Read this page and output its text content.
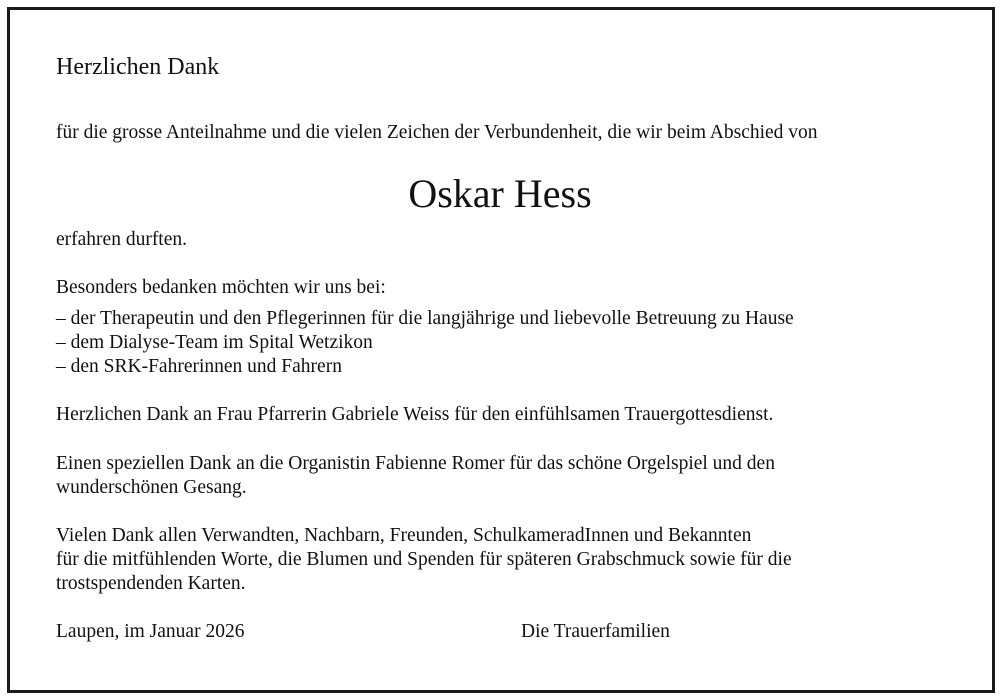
Herzlichen Dank

für die grosse Anteilnahme und die vielen Zeichen der Verbundenheit, die wir beim Abschied von

Oskar Hess

erfahren durften.

Besonders bedanken möchten wir uns bei:

– der Therapeutin und den Pflegerinnen für die langjährige und liebevolle Betreuung zu Hause

– dem Dialyse-Team im Spital Wetzikon

– den SRK-Fahrerinnen und Fahrern

Herzlichen Dank an Frau Pfarrerin Gabriele Weiss für den einfühlsamen Trauergottesdienst.

Einen speziellen Dank an die Organistin Fabienne Romer für das schöne Orgelspiel und den

wunderschönen Gesang.

Vielen Dank allen Verwandten, Nachbarn, Freunden, SchulkameradInnen und Bekannten

für die mitfühlenden Worte, die Blumen und Spenden für späteren Grabschmuck sowie für die

trostspendenden Karten.

Laupen, im Januar 2026	Die Trauerfamilien
